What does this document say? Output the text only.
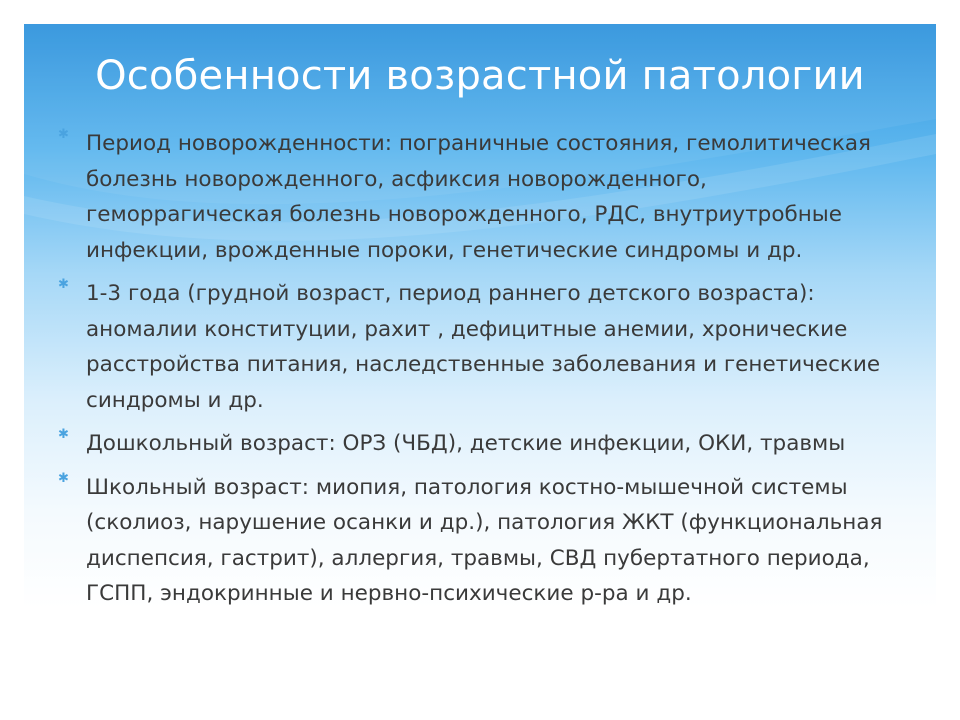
Особенности возрастной патологии
✱ Период новорожденности: пограничные состояния, гемолитическая болезнь новорожденного, асфиксия новорожденного, геморрагическая болезнь новорожденного, РДС, внутриутробные инфекции, врожденные пороки, генетические синдромы и др.
✱ 1-3 года (грудной возраст, период раннего детского возраста): аномалии конституции, рахит , дефицитные анемии, хронические расстройства питания, наследственные заболевания и генетические синдромы и др.
✱ Дошкольный возраст: ОРЗ (ЧБД), детские инфекции, ОКИ, травмы
✱ Школьный возраст: миопия, патология костно-мышечной системы (сколиоз, нарушение осанки и др.), патология ЖКТ (функциональная диспепсия, гастрит), аллергия, травмы, СВД пубертатного периода, ГСПП, эндокринные и нервно-психические р-ра и др.
